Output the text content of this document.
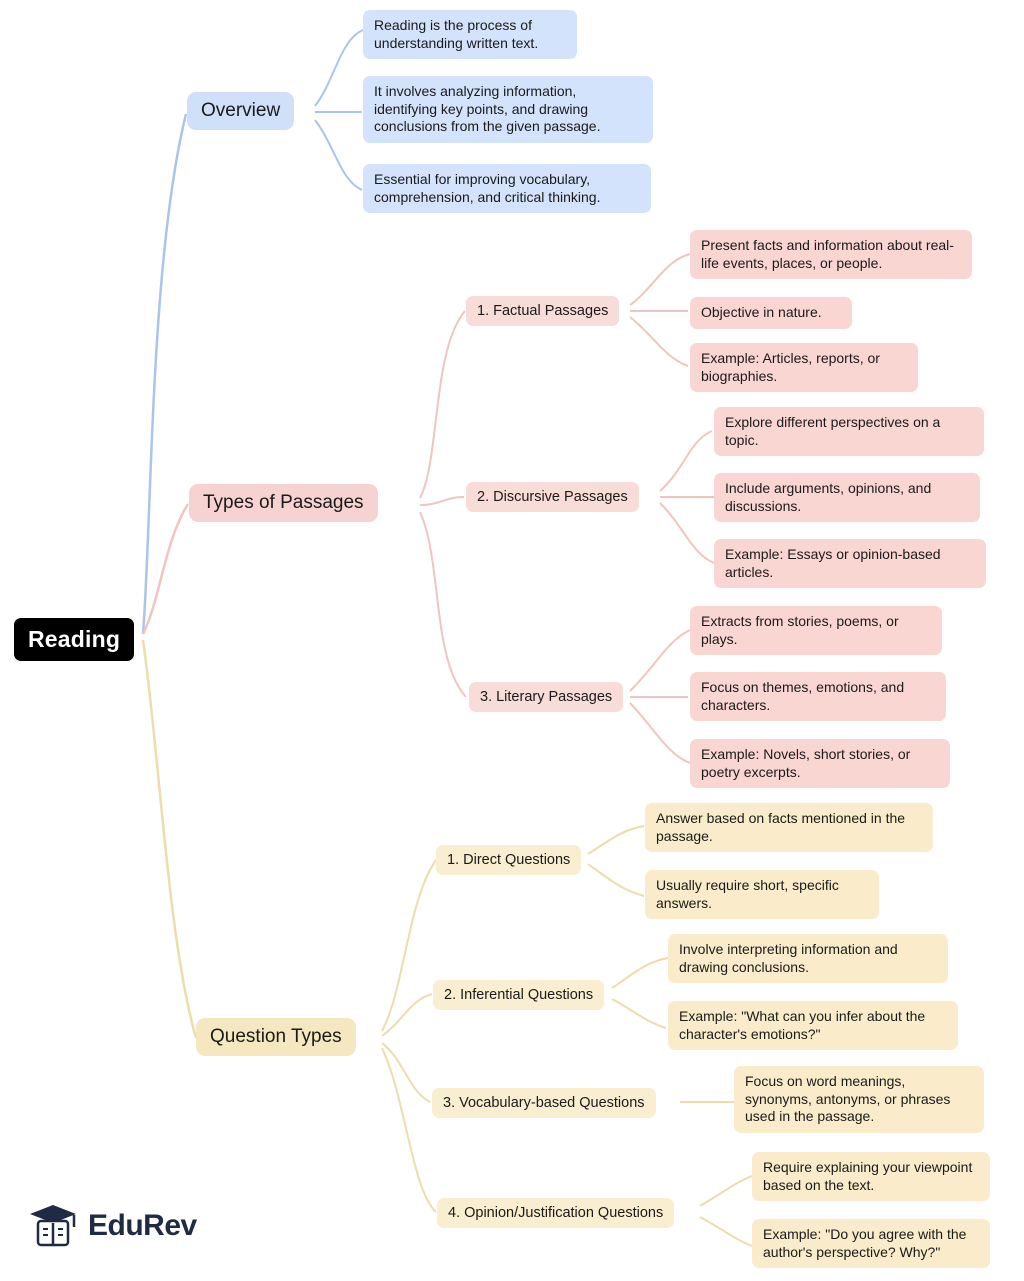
Reading
Overview
Reading is the process of understanding written text.
It involves analyzing information, identifying key points, and drawing conclusions from the given passage.
Essential for improving vocabulary, comprehension, and critical thinking.
Types of Passages
1. Factual Passages
Present facts and information about real-life events, places, or people.
Objective in nature.
Example: Articles, reports, or biographies.
2. Discursive Passages
Explore different perspectives on a topic.
Include arguments, opinions, and discussions.
Example: Essays or opinion-based articles.
3. Literary Passages
Extracts from stories, poems, or plays.
Focus on themes, emotions, and characters.
Example: Novels, short stories, or poetry excerpts.
Question Types
1. Direct Questions
Answer based on facts mentioned in the passage.
Usually require short, specific answers.
2. Inferential Questions
Involve interpreting information and drawing conclusions.
Example: "What can you infer about the character's emotions?"
3. Vocabulary-based Questions
Focus on word meanings, synonyms, antonyms, or phrases used in the passage.
4. Opinion/Justification Questions
Require explaining your viewpoint based on the text.
Example: "Do you agree with the author's perspective? Why?"
EduRev
